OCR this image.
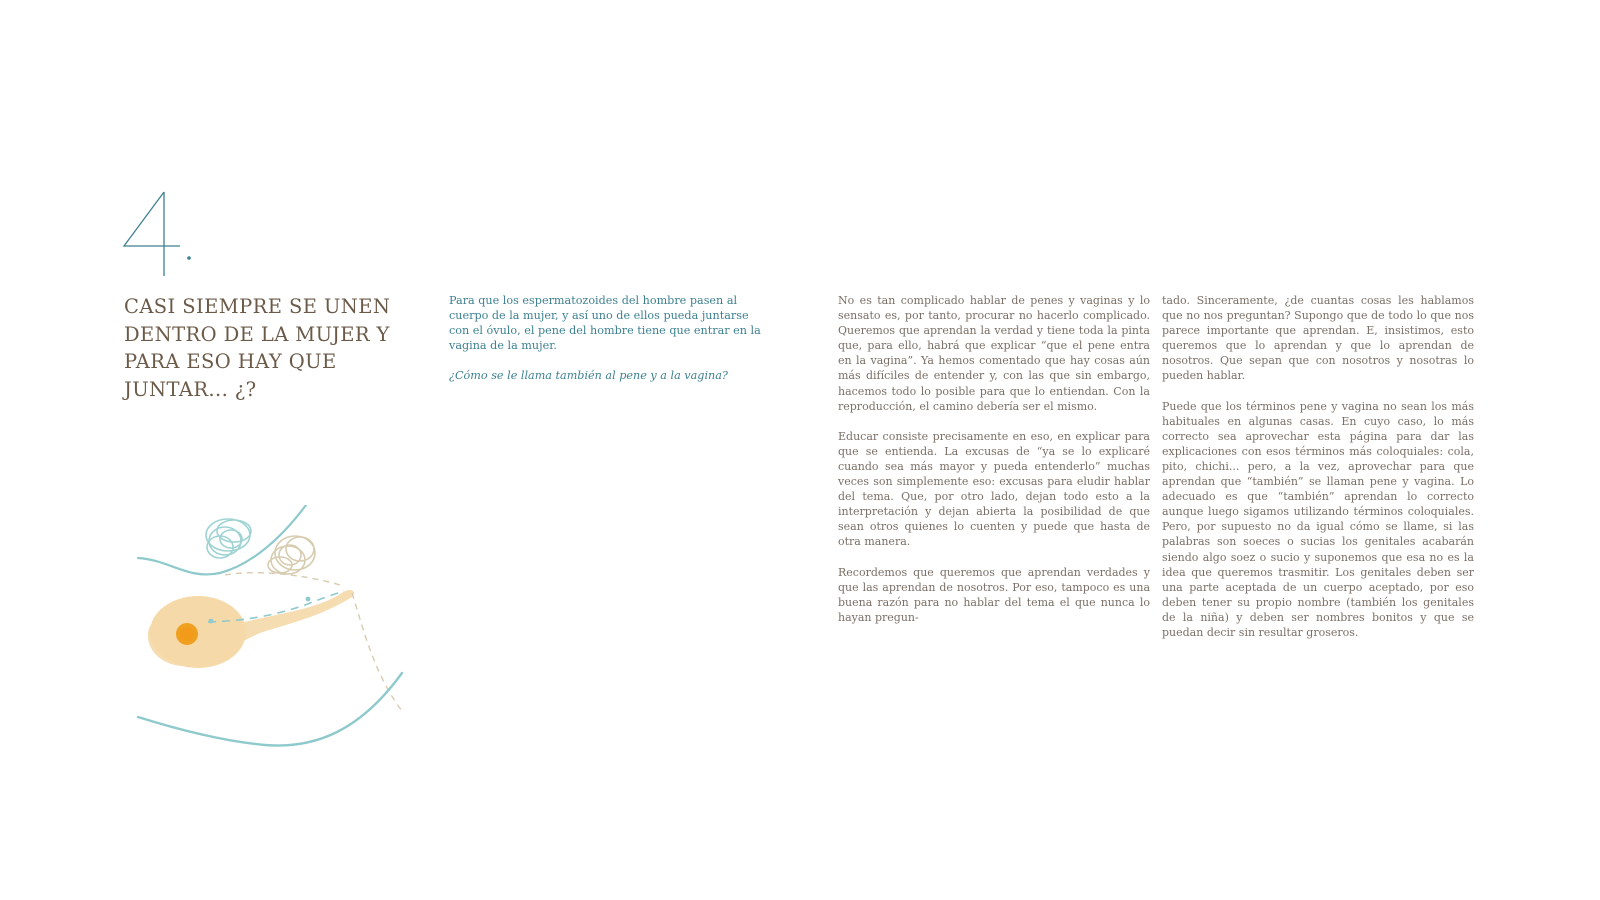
CASI SIEMPRE SE UNEN DENTRO DE LA MUJER Y PARA ESO HAY QUE JUNTAR... ¿?

Para que los espermatozoides del hombre pasen al cuerpo de la mujer, y así uno de ellos pueda juntarse con el óvulo, el pene del hombre tiene que entrar en la vagina de la mujer.

¿Cómo se le llama también al pene y a la vagina?

No es tan complicado hablar de penes y vaginas y lo sensato es, por tanto, procurar no hacerlo complicado. Queremos que aprendan la verdad y tiene toda la pinta que, para ello, habrá que explicar “que el pene entra en la vagina”. Ya hemos comentado que hay cosas aún más difíciles de entender y, con las que sin embargo, hacemos todo lo posible para que lo entiendan. Con la reproducción, el camino debería ser el mismo.

Educar consiste precisamente en eso, en explicar para que se entienda. La excusas de “ya se lo explicaré cuando sea más mayor y pueda entenderlo” muchas veces son simplemente eso: excusas para eludir hablar del tema. Que, por otro lado, dejan todo esto a la interpretación y dejan abierta la posibilidad de que sean otros quienes lo cuenten y puede que hasta de otra manera.

Recordemos que queremos que aprendan verdades y que las aprendan de nosotros. Por eso, tampoco es una buena razón para no hablar del tema el que nunca lo hayan pregun-

tado. Sinceramente, ¿de cuantas cosas les hablamos que no nos preguntan? Supongo que de todo lo que nos parece importante que aprendan. E, insistimos, esto queremos que lo aprendan y que lo aprendan de nosotros. Que sepan que con nosotros y nosotras lo pueden hablar.

Puede que los términos pene y vagina no sean los más habituales en algunas casas. En cuyo caso, lo más correcto sea aprovechar esta página para dar las explicaciones con esos términos más coloquiales: cola, pito, chichi... pero, a la vez, aprovechar para que aprendan que “también” se llaman pene y vagina. Lo adecuado es que “también” aprendan lo correcto aunque luego sigamos utilizando términos coloquiales. Pero, por supuesto no da igual cómo se llame, si las palabras son soeces o sucias los genitales acabarán siendo algo soez o sucio y suponemos que esa no es la idea que queremos trasmitir. Los genitales deben ser una parte aceptada de un cuerpo aceptado, por eso deben tener su propio nombre (también los genitales de la niña) y deben ser nombres bonitos y que se puedan decir sin resultar groseros.
